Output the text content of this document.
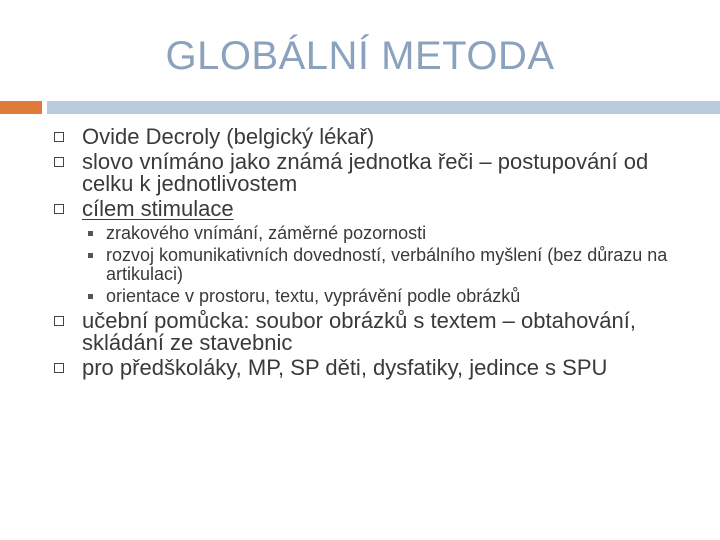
GLOBÁLNÍ METODA

Ovide Decroly (belgický lékař)

slovo vnímáno jako známá jednotka řeči – postupování od celku k jednotlivostem

cílem stimulace

zrakového vnímání, záměrné pozornosti
rozvoj komunikativních dovedností, verbálního myšlení (bez důrazu na artikulaci)
orientace v prostoru, textu, vyprávění podle obrázků

učební pomůcka: soubor obrázků s textem – obtahování, skládání ze stavebnic

pro předškoláky, MP, SP děti, dysfatiky, jedince s SPU
